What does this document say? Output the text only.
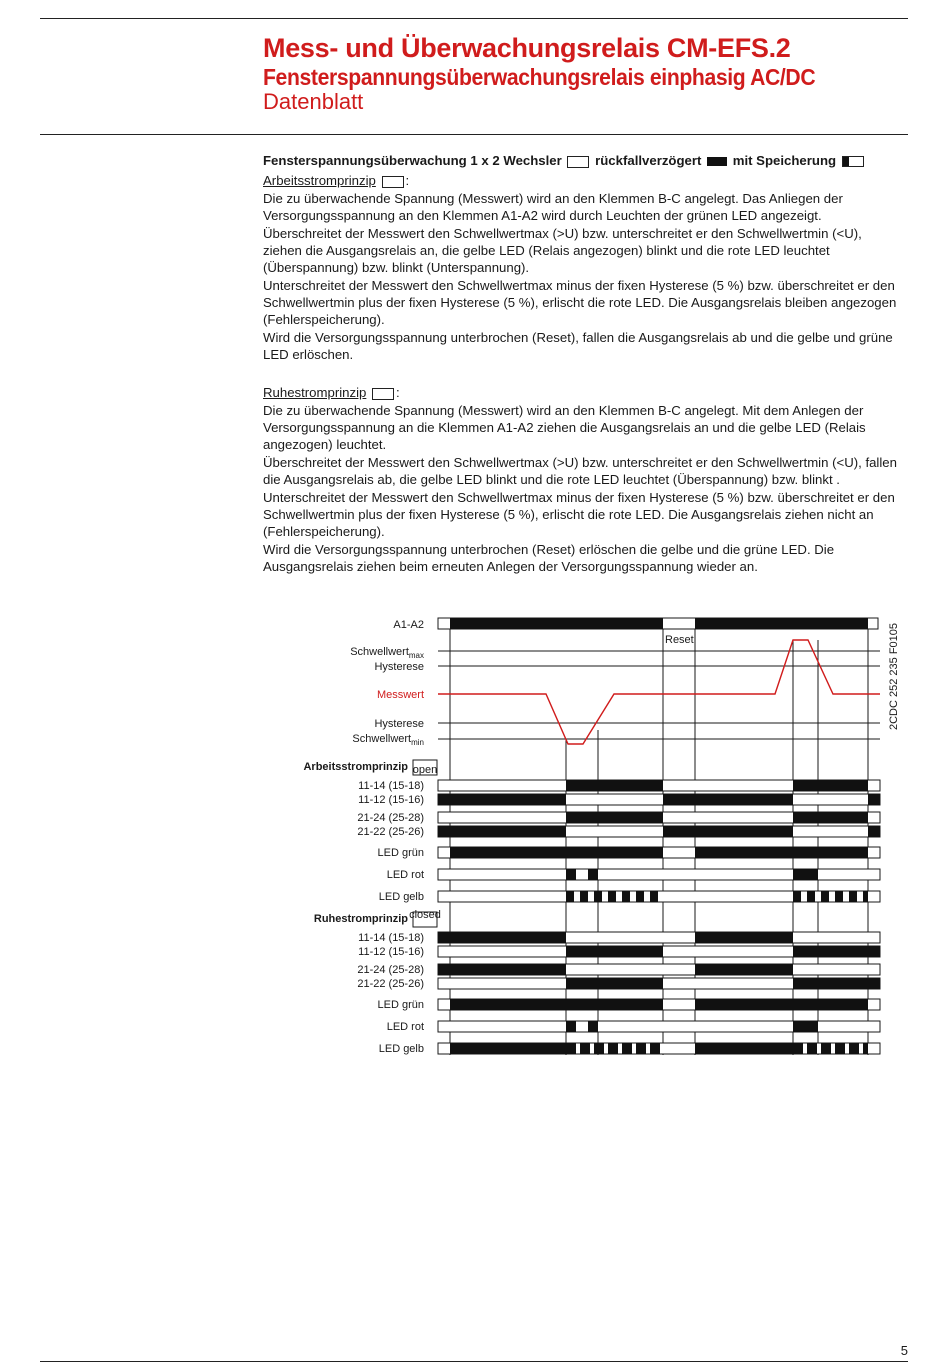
Mess- und Überwachungsrelais CM-EFS.2
Fensterspannungsüberwachungsrelais einphasig AC/DC
Datenblatt

Fensterspannungsüberwachung 1 x 2 Wechsler	rückfallverzögert mit Speicherung

Arbeitsstromprinzip :

Die zu überwachende Spannung (Messwert) wird an den Klemmen B-C angelegt. Das Anliegen der Versorgungsspannung an den Klemmen A1-A2 wird durch Leuchten der grünen LED angezeigt.

Überschreitet der Messwert den Schwellwertmax (>U) bzw. unterschreitet er den Schwellwertmin (<U), ziehen die Ausgangsrelais an, die gelbe LED (Relais angezogen) blinkt und die rote LED leuchtet (Überspannung) bzw. blinkt (Unterspannung).

Unterschreitet der Messwert den Schwellwertmax minus der fixen Hysterese (5 %) bzw. überschreitet er den Schwellwertmin plus der fixen Hysterese (5 %), erlischt die rote LED. Die Ausgangsrelais bleiben angezogen (Fehlerspeicherung).

Wird die Versorgungsspannung unterbrochen (Reset), fallen die Ausgangsrelais ab und die gelbe und grüne LED erlöschen.

Ruhestromprinzip :

Die zu überwachende Spannung (Messwert) wird an den Klemmen B-C angelegt. Mit dem Anlegen der Versorgungsspannung an die Klemmen A1-A2 ziehen die Ausgangsrelais an und die gelbe LED (Relais angezogen) leuchtet.

Überschreitet der Messwert den Schwellwertmax (>U) bzw. unterschreitet er den Schwellwertmin (<U), fallen die Ausgangsrelais ab, die gelbe LED blinkt und die rote LED leuchtet (Überspannung) bzw. blinkt .

Unterschreitet der Messwert den Schwellwertmax minus der fixen Hysterese (5 %) bzw. überschreitet er den Schwellwertmin plus der fixen Hysterese (5 %), erlischt die rote LED. Die Ausgangsrelais ziehen nicht an (Fehlerspeicherung).

Wird die Versorgungsspannung unterbrochen (Reset) erlöschen die gelbe und die grüne LED. Die Ausgangsrelais ziehen beim erneuten Anlegen der Versorgungsspannung wieder an.

A1-A2
Reset
Schwellwert$_{max}$
Hysterese
Messwert
Hysterese
Schwellwert$_{min}$
2CDC 252 235 F0105
Arbeitsstromprinzip open
11-14 (15-18)
11-12 (15-16)
21-24 (25-28)
21-22 (25-26)
LED grün
LED rot
LED gelb
Ruhestromprinzip closed
11-14 (15-18)
11-12 (15-16)
21-24 (25-28)
21-22 (25-26)
LED grün
LED rot
LED gelb
5
